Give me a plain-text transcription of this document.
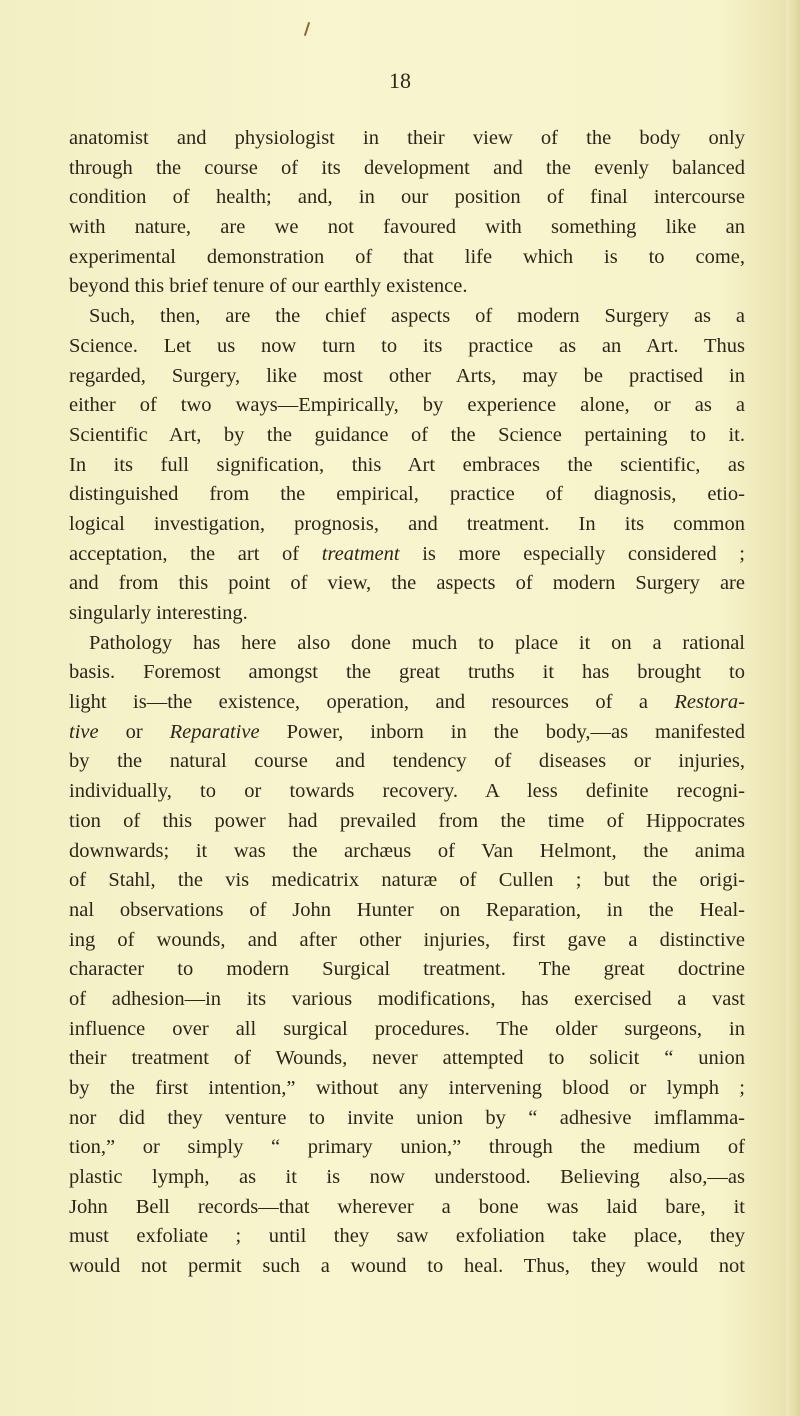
18
anatomist and physiologist in their view of the body only
through the course of its development and the evenly balanced
condition of health; and, in our position of final intercourse
with nature, are we not favoured with something like an
experimental demonstration of that life which is to come,
beyond this brief tenure of our earthly existence.
Such, then, are the chief aspects of modern Surgery as a
Science. Let us now turn to its practice as an Art. Thus
regarded, Surgery, like most other Arts, may be practised in
either of two ways—Empirically, by experience alone, or as a
Scientific Art, by the guidance of the Science pertaining to it.
In its full signification, this Art embraces the scientific, as
distinguished from the empirical, practice of diagnosis, etio-
logical investigation, prognosis, and treatment. In its common
acceptation, the art of treatment is more especially considered ;
and from this point of view, the aspects of modern Surgery are
singularly interesting.
Pathology has here also done much to place it on a rational
basis. Foremost amongst the great truths it has brought to
light is—the existence, operation, and resources of a Restora-
tive or Reparative Power, inborn in the body,—as manifested
by the natural course and tendency of diseases or injuries,
individually, to or towards recovery. A less definite recogni-
tion of this power had prevailed from the time of Hippocrates
downwards; it was the archæus of Van Helmont, the anima
of Stahl, the vis medicatrix naturæ of Cullen ; but the origi-
nal observations of John Hunter on Reparation, in the Heal-
ing of wounds, and after other injuries, first gave a distinctive
character to modern Surgical treatment. The great doctrine
of adhesion—in its various modifications, has exercised a vast
influence over all surgical procedures. The older surgeons, in
their treatment of Wounds, never attempted to solicit “ union
by the first intention,” without any intervening blood or lymph ;
nor did they venture to invite union by “ adhesive imflamma-
tion,” or simply “ primary union,” through the medium of
plastic lymph, as it is now understood. Believing also,—as
John Bell records—that wherever a bone was laid bare, it
must exfoliate ; until they saw exfoliation take place, they
would not permit such a wound to heal. Thus, they would not
